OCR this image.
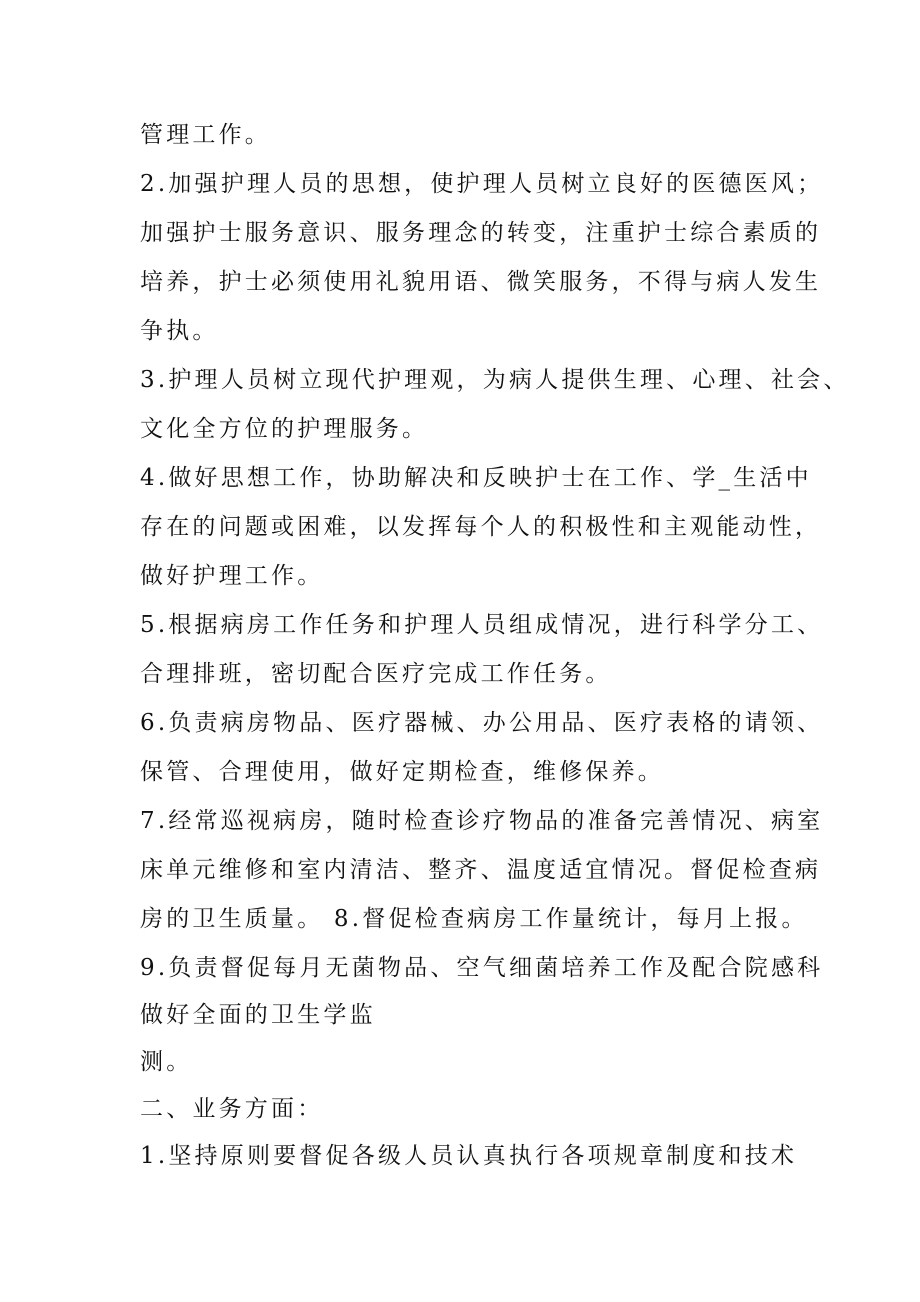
管理工作。
2.加强护理人员的思想，使护理人员树立良好的医德医风；
加强护士服务意识、服务理念的转变，注重护士综合素质的
培养，护士必须使用礼貌用语、微笑服务，不得与病人发生
争执。
3.护理人员树立现代护理观，为病人提供生理、心理、社会、
文化全方位的护理服务。
4.做好思想工作，协助解决和反映护士在工作、学_生活中
存在的问题或困难，以发挥每个人的积极性和主观能动性，
做好护理工作。
5.根据病房工作任务和护理人员组成情况，进行科学分工、
合理排班，密切配合医疗完成工作任务。
6.负责病房物品、医疗器械、办公用品、医疗表格的请领、
保管、合理使用，做好定期检查，维修保养。
7.经常巡视病房，随时检查诊疗物品的准备完善情况、病室
床单元维修和室内清洁、整齐、温度适宜情况。督促检查病
房的卫生质量。 8.督促检查病房工作量统计，每月上报。
9.负责督促每月无菌物品、空气细菌培养工作及配合院感科
做好全面的卫生学监
测。
二、业务方面：
1.坚持原则要督促各级人员认真执行各项规章制度和技术
